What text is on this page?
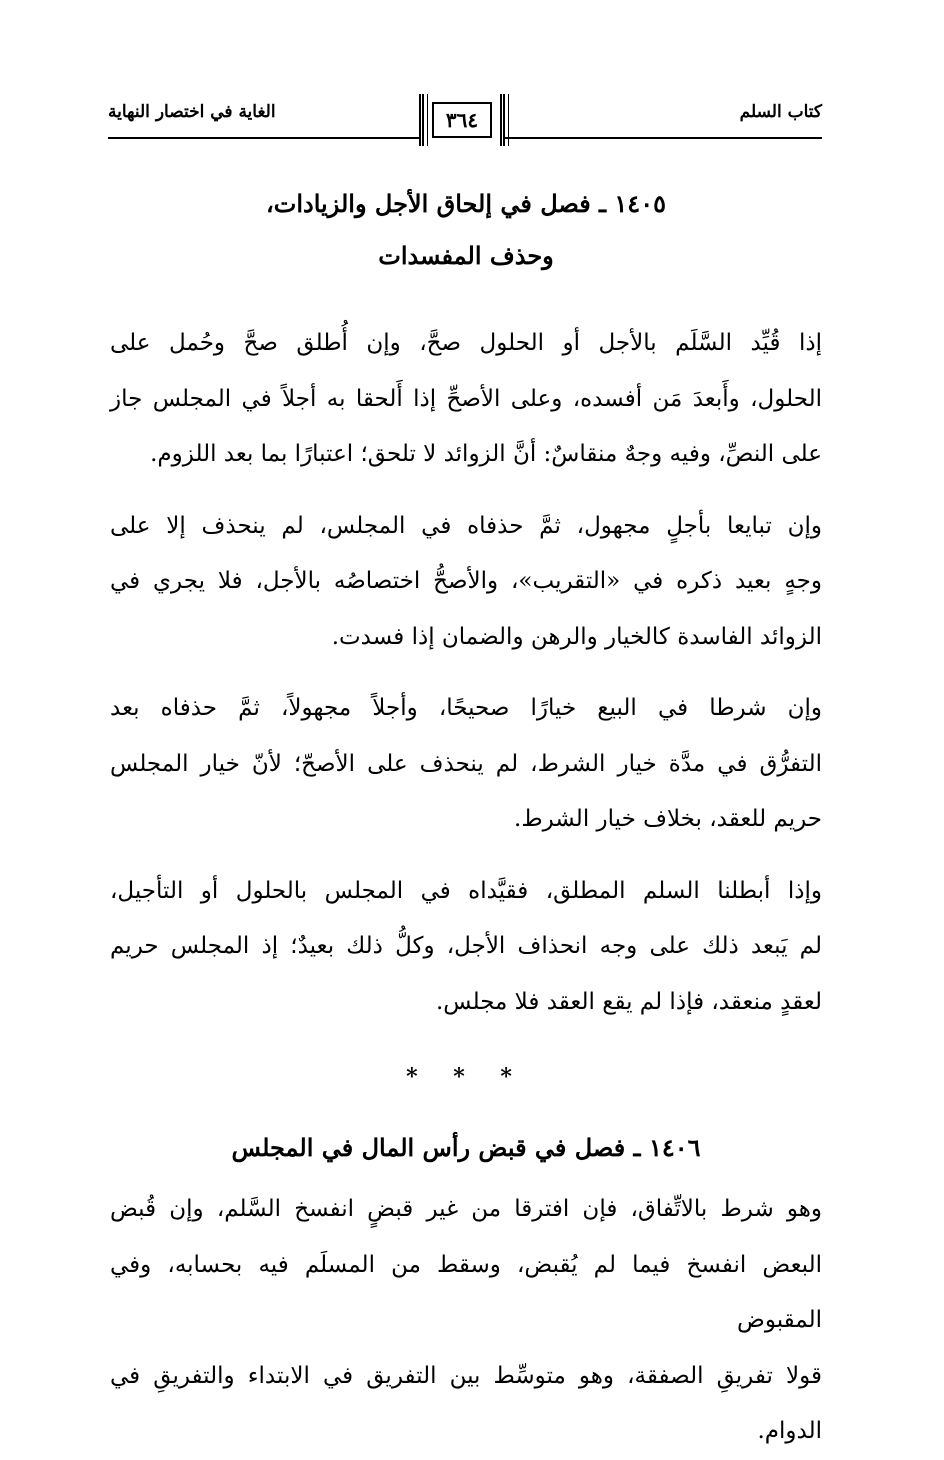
كتاب السلم
الغاية في اختصار النهاية	٣٦٤
١٤٠٥ ـ فصل في إلحاق الأجل والزيادات،
وحذف المفسدات

إذا قُيِّد السَّلَم بالأجل أو الحلول صحَّ، وإن أُطلق صحَّ وحُمل على
الحلول، وأَبعدَ مَن أفسده، وعلى الأصحِّ إذا أَلحقا به أجلاً في المجلس جاز
على النصِّ، وفيه وجهٌ منقاسٌ: أنَّ الزوائد لا تلحق؛ اعتبارًا بما بعد اللزوم.

وإن تبايعا بأجلٍ مجهول، ثمَّ حذفاه في المجلس، لم ينحذف إلا على
وجهٍ بعيد ذكره في «التقريب»، والأصحُّ اختصاصُه بالأجل، فلا يجري في
الزوائد الفاسدة كالخيار والرهن والضمان إذا فسدت.

وإن شرطا في البيع خيارًا صحيحًا، وأجلاً مجهولاً، ثمَّ حذفاه بعد
التفرُّق في مدَّة خيار الشرط، لم ينحذف على الأصحّ؛ لأنّ خيار المجلس
حريم للعقد، بخلاف خيار الشرط.

وإذا أبطلنا السلم المطلق، فقيَّداه في المجلس بالحلول أو التأجيل،
لم يَبعد ذلك على وجه انحذاف الأجل، وكلُّ ذلك بعيدٌ؛ إذ المجلس حريم
لعقدٍ منعقد، فإذا لم يقع العقد فلا مجلس.

* * *
١٤٠٦ ـ فصل في قبض رأس المال في المجلس

وهو شرط بالاتِّفاق، فإن افترقا من غير قبضٍ انفسخ السَّلم، وإن قُبض
البعض انفسخ فيما لم يُقبض، وسقط من المسلَم فيه بحسابه، وفي المقبوض
قولا تفريقِ الصفقة، وهو متوسِّط بين التفريق في الابتداء والتفريقِ في الدوام.
